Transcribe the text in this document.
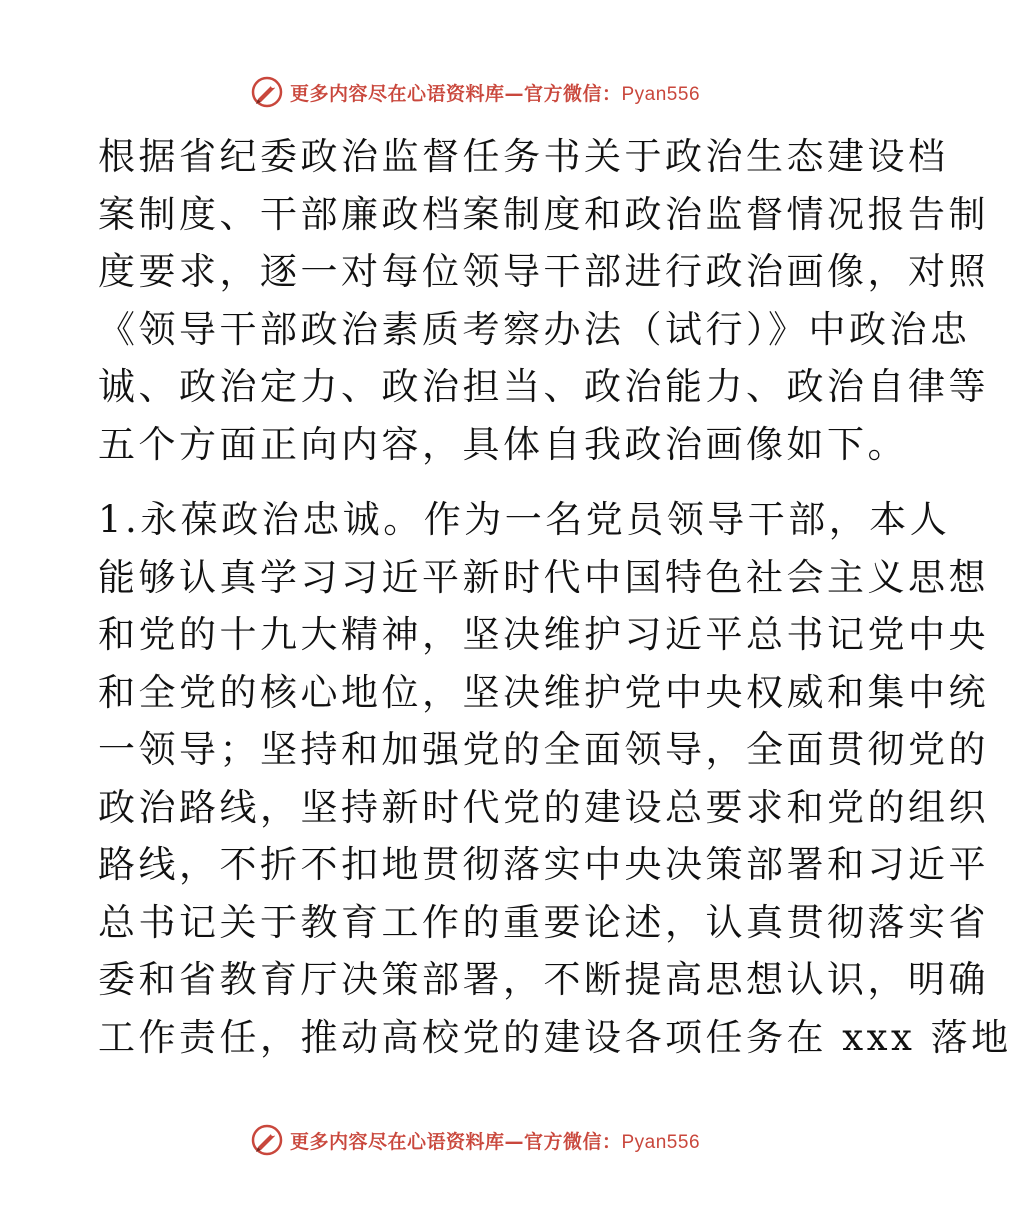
更多内容尽在心语资料库—官方微信：Pyan556

根据省纪委政治监督任务书关于政治生态建设档
案制度、干部廉政档案制度和政治监督情况报告制
度要求，逐一对每位领导干部进行政治画像，对照
《领导干部政治素质考察办法（试行）》中政治忠
诚、政治定力、政治担当、政治能力、政治自律等
五个方面正向内容，具体自我政治画像如下。

1.永葆政治忠诚。作为一名党员领导干部，本人
能够认真学习习近平新时代中国特色社会主义思想
和党的十九大精神，坚决维护习近平总书记党中央
和全党的核心地位，坚决维护党中央权威和集中统
一领导；坚持和加强党的全面领导，全面贯彻党的
政治路线，坚持新时代党的建设总要求和党的组织
路线，不折不扣地贯彻落实中央决策部署和习近平
总书记关于教育工作的重要论述，认真贯彻落实省
委和省教育厅决策部署，不断提高思想认识，明确
工作责任，推动高校党的建设各项任务在 xxx 落地

更多内容尽在心语资料库—官方微信：Pyan556
